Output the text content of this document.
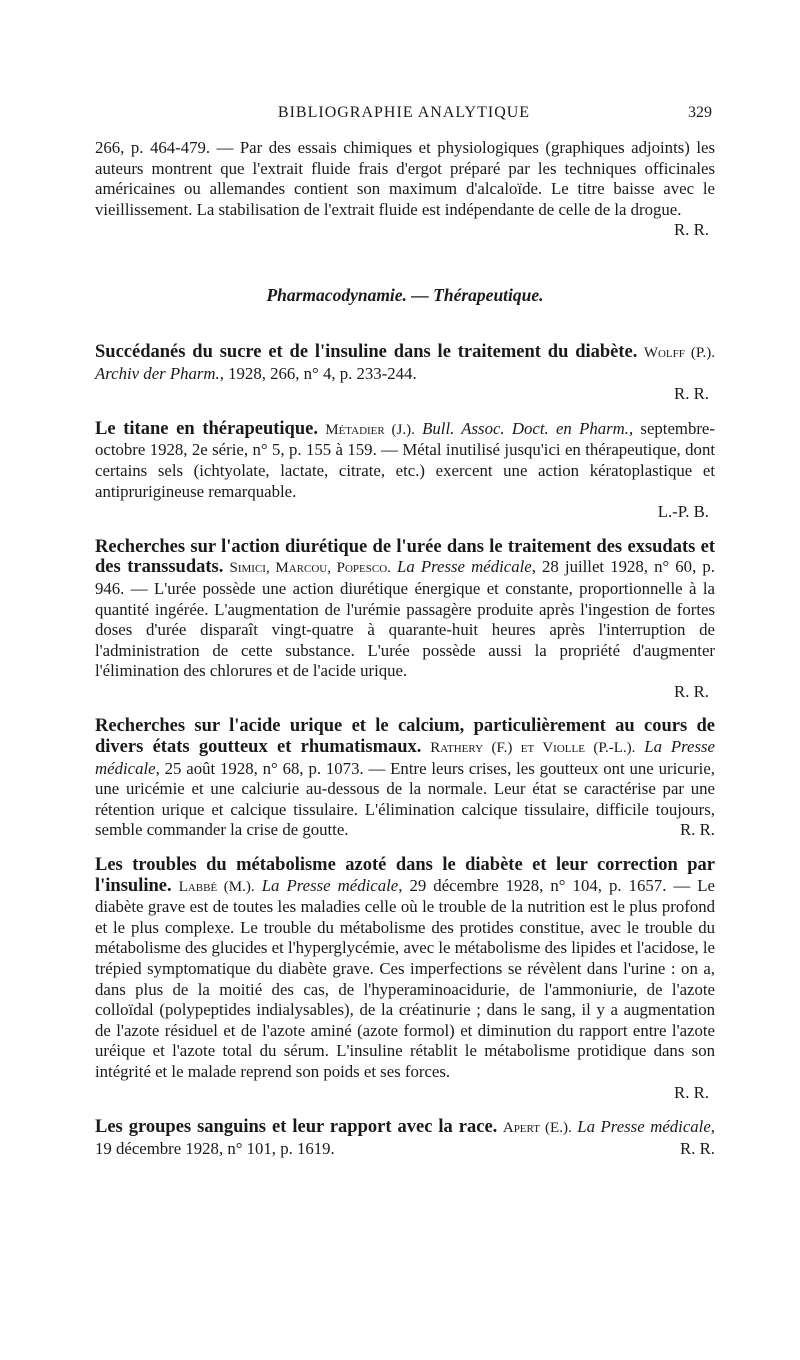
BIBLIOGRAPHIE ANALYTIQUE	329

266, p. 464-479. — Par des essais chimiques et physiologiques (graphiques adjoints) les auteurs montrent que l'extrait fluide frais d'ergot préparé par les techniques officinales américaines ou allemandes contient son maximum d'alcaloïde. Le titre baisse avec le vieillissement. La stabilisation de l'extrait fluide est indépendante de celle de la drogue.

R. R.
Pharmacodynamie. — Thérapeutique.

Succédanés du sucre et de l'insuline dans le traitement du diabète. Wolff (P.). Archiv der Pharm., 1928, 266, n° 4, p. 233-244.

R. R.

Le titane en thérapeutique. Métadier (J.). Bull. Assoc. Doct. en Pharm., septembre-octobre 1928, 2e série, n° 5, p. 155 à 159. — Métal inutilisé jusqu'ici en thérapeutique, dont certains sels (ichtyolate, lactate, citrate, etc.) exercent une action kératoplastique et antiprurigineuse remarquable.

L.-P. B.

Recherches sur l'action diurétique de l'urée dans le traitement des exsudats et des transsudats. Simici, Marcou, Popesco. La Presse médicale, 28 juillet 1928, n° 60, p. 946. — L'urée possède une action diurétique énergique et constante, proportionnelle à la quantité ingérée. L'augmentation de l'urémie passagère produite après l'ingestion de fortes doses d'urée disparaît vingt-quatre à quarante-huit heures après l'interruption de l'administration de cette substance. L'urée possède aussi la propriété d'augmenter l'élimination des chlorures et de l'acide urique.

R. R.

Recherches sur l'acide urique et le calcium, particulièrement au cours de divers états goutteux et rhumatismaux. Rathery (F.) et Violle (P.-L.). La Presse médicale, 25 août 1928, n° 68, p. 1073. — Entre leurs crises, les goutteux ont une uricurie, une uricémie et une calciurie au-dessous de la normale. Leur état se caractérise par une rétention urique et calcique tissulaire. L'élimination calcique tissulaire, difficile toujours, semble commander la crise de goutte.	R. R.

Les troubles du métabolisme azoté dans le diabète et leur correction par l'insuline. Labbé (M.). La Presse médicale, 29 décembre 1928, n° 104, p. 1657. — Le diabète grave est de toutes les maladies celle où le trouble de la nutrition est le plus profond et le plus complexe. Le trouble du métabolisme des protides constitue, avec le trouble du métabolisme des glucides et l'hyperglycémie, avec le métabolisme des lipides et l'acidose, le trépied symptomatique du diabète grave. Ces imperfections se révèlent dans l'urine : on a, dans plus de la moitié des cas, de l'hyperaminoacidurie, de l'ammoniurie, de l'azote colloïdal (polypeptides indialysables), de la créatinurie ; dans le sang, il y a augmentation de l'azote résiduel et de l'azote aminé (azote formol) et diminution du rapport entre l'azote uréique et l'azote total du sérum. L'insuline rétablit le métabolisme protidique dans son intégrité et le malade reprend son poids et ses forces.

R. R.

Les groupes sanguins et leur rapport avec la race. Apert (E.). La Presse médicale, 19 décembre 1928, n° 101, p. 1619.	R. R.
